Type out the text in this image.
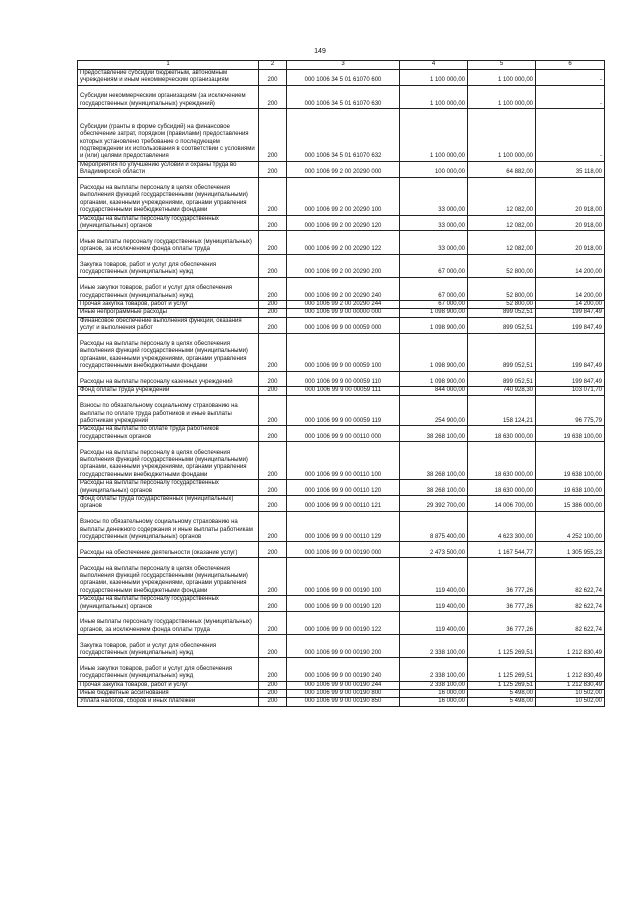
149
1	2	3	4	5	6
Предоставление субсидий бюджетным, автономным учреждениям и иным некоммерческим организациям	200	000 1006 34 5 01 61070 600	1 100 000,00	1 100 000,00	-
Субсидии некоммерческим организациям (за исключением государственных (муниципальных) учреждений)	200	000 1006 34 5 01 61070 630	1 100 000,00	1 100 000,00	-
Субсидии (гранты в форме субсидий) на финансовое обеспечение затрат, порядком (правилами) предоставления которых установлено требование о последующем подтверждении их использования в соответствии с условиями и (или) целями предоставления	200	000 1006 34 5 01 61070 632	1 100 000,00	1 100 000,00	-
Мероприятия по улучшению условий и охраны труда во Владимирской области	200	000 1006 99 2 00 20290 000	100 000,00	64 882,00	35 118,00
Расходы на выплаты персоналу в целях обеспечения выполнения функций государственными (муниципальными) органами, казенными учреждениями, органами управления государственными внебюджетными фондами	200	000 1006 99 2 00 20290 100	33 000,00	12 082,00	20 918,00
Расходы на выплаты персоналу государственных (муниципальных) органов	200	000 1006 99 2 00 20290 120	33 000,00	12 082,00	20 918,00
Иные выплаты персоналу государственных (муниципальных) органов, за исключением фонда оплаты труда	200	000 1006 99 2 00 20290 122	33 000,00	12 082,00	20 918,00
Закупка товаров, работ и услуг для обеспечения государственных (муниципальных) нужд	200	000 1006 99 2 00 20290 200	67 000,00	52 800,00	14 200,00
Иные закупки товаров, работ и услуг для обеспечения государственных (муниципальных) нужд	200	000 1006 99 2 00 20290 240	67 000,00	52 800,00	14 200,00
Прочая закупка товаров, работ и услуг	200	000 1006 99 2 00 20290 244	67 000,00	52 800,00	14 200,00
Иные непрограммные расходы	200	000 1006 99 9 00 00000 000	1 098 900,00	899 052,51	199 847,49
Финансовое обеспечение выполнения функций, оказания услуг и выполнения работ	200	000 1006 99 9 00 00059 000	1 098 900,00	899 052,51	199 847,49
Расходы на выплаты персоналу в целях обеспечения выполнения функций государственными (муниципальными) органами, казенными учреждениями, органами управления государственными внебюджетными фондами	200	000 1006 99 9 00 00059 100	1 098 900,00	899 052,51	199 847,49
Расходы на выплаты персоналу казенных учреждений	200	000 1006 99 9 00 00059 110	1 098 900,00	899 052,51	199 847,49
Фонд оплаты труда учреждений	200	000 1006 99 9 00 00059 111	844 000,00	740 928,30	103 071,70
Взносы по обязательному социальному страхованию на выплаты по оплате труда работников и иные выплаты работникам учреждений	200	000 1006 99 9 00 00059 119	254 900,00	158 124,21	96 775,79
Расходы на выплаты по оплате труда работников государственных органов	200	000 1006 99 9 00 00110 000	38 268 100,00	18 630 000,00	19 638 100,00
Расходы на выплаты персоналу в целях обеспечения выполнения функций государственными (муниципальными) органами, казенными учреждениями, органами управления государственными внебюджетными фондами	200	000 1006 99 9 00 00110 100	38 268 100,00	18 630 000,00	19 638 100,00
Расходы на выплаты персоналу государственных (муниципальных) органов	200	000 1006 99 9 00 00110 120	38 268 100,00	18 630 000,00	19 638 100,00
Фонд оплаты труда государственных (муниципальных) органов	200	000 1006 99 9 00 00110 121	29 392 700,00	14 006 700,00	15 386 000,00
Взносы по обязательному социальному страхованию на выплаты денежного содержания и иные выплаты работникам государственных (муниципальных) органов	200	000 1006 99 9 00 00110 129	8 875 400,00	4 623 300,00	4 252 100,00
Расходы на обеспечение деятельности (оказание услуг)	200	000 1006 99 9 00 00190 000	2 473 500,00	1 167 544,77	1 305 955,23
Расходы на выплаты персоналу в целях обеспечения выполнения функций государственными (муниципальными) органами, казенными учреждениями, органами управления государственными внебюджетными фондами	200	000 1006 99 9 00 00190 100	119 400,00	36 777,26	82 622,74
Расходы на выплаты персоналу государственных (муниципальных) органов	200	000 1006 99 9 00 00190 120	119 400,00	36 777,26	82 622,74
Иные выплаты персоналу государственных (муниципальных) органов, за исключением фонда оплаты труда	200	000 1006 99 9 00 00190 122	119 400,00	36 777,26	82 622,74
Закупка товаров, работ и услуг для обеспечения государственных (муниципальных) нужд	200	000 1006 99 9 00 00190 200	2 338 100,00	1 125 269,51	1 212 830,49
Иные закупки товаров, работ и услуг для обеспечения государственных (муниципальных) нужд	200	000 1006 99 9 00 00190 240	2 338 100,00	1 125 269,51	1 212 830,49
Прочая закупка товаров, работ и услуг	200	000 1006 99 9 00 00190 244	2 338 100,00	1 125 269,51	1 212 830,49
Иные бюджетные ассигнования	200	000 1006 99 9 00 00190 800	16 000,00	5 498,00	10 502,00
Уплата налогов, сборов и иных платежей	200	000 1006 99 9 00 00190 850	16 000,00	5 498,00	10 502,00
